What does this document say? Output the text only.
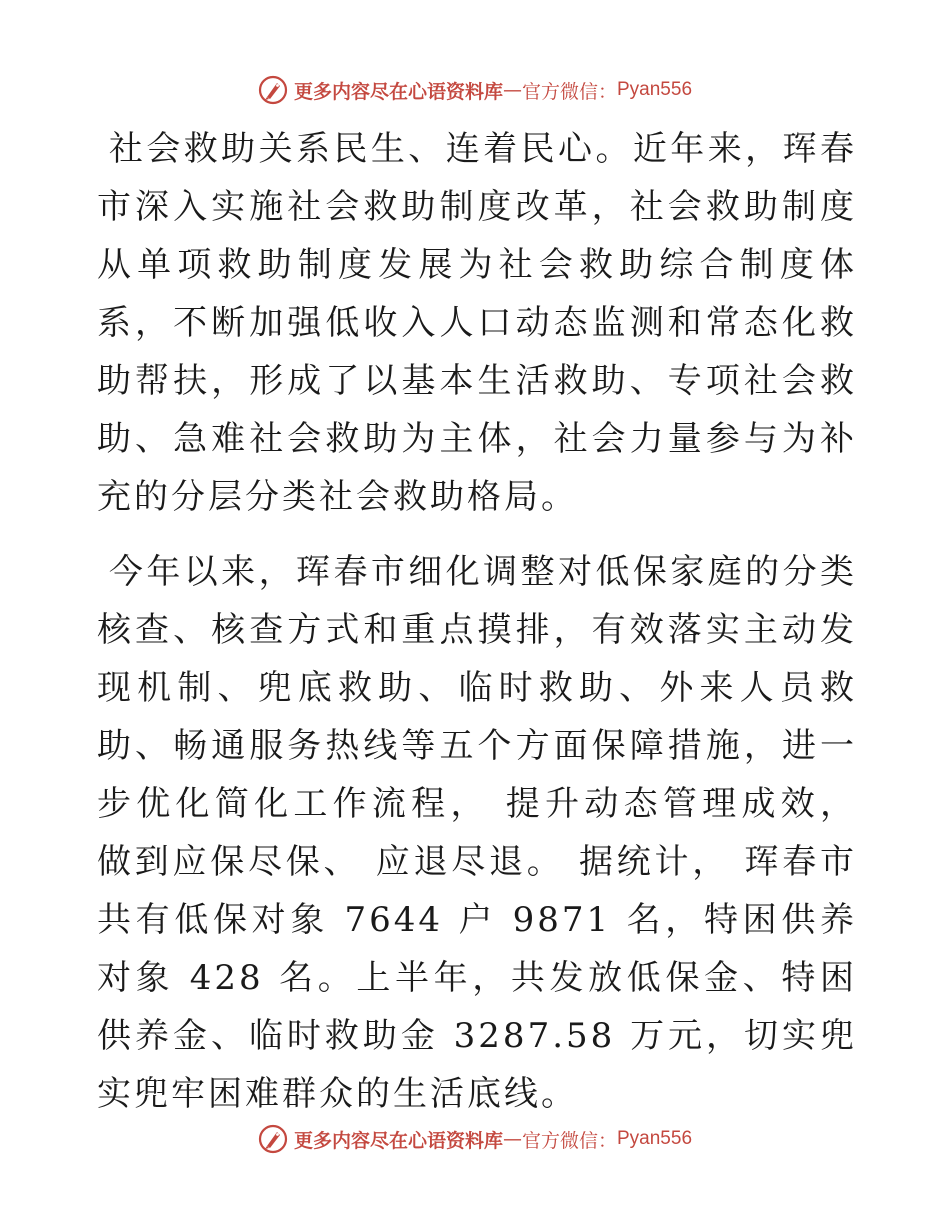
更多内容尽在心语资料库 — 官方微信： Pyan556

社会救助关系民生、连着民心。近年来，珲春市深入实施社会救助制度改革，社会救助制度从单项救助制度发展为社会救助综合制度体系，不断加强低收入人口动态监测和常态化救助帮扶，形成了以基本生活救助、专项社会救助、急难社会救助为主体，社会力量参与为补充的分层分类社会救助格局。

今年以来，珲春市细化调整对低保家庭的分类核查、核查方式和重点摸排，有效落实主动发现机制、兜底救助、临时救助、外来人员救助、畅通服务热线等五个方面保障措施，进一步优化简化工作流程， 提升动态管理成效， 做到应保尽保、 应退尽退。 据统计， 珲春市共有低保对象 7644 户 9871 名，特困供养对象 428 名。上半年，共发放低保金、特困供养金、临时救助金 3287.58 万元，切实兜实兜牢困难群众的生活底线。

更多内容尽在心语资料库 — 官方微信： Pyan556
